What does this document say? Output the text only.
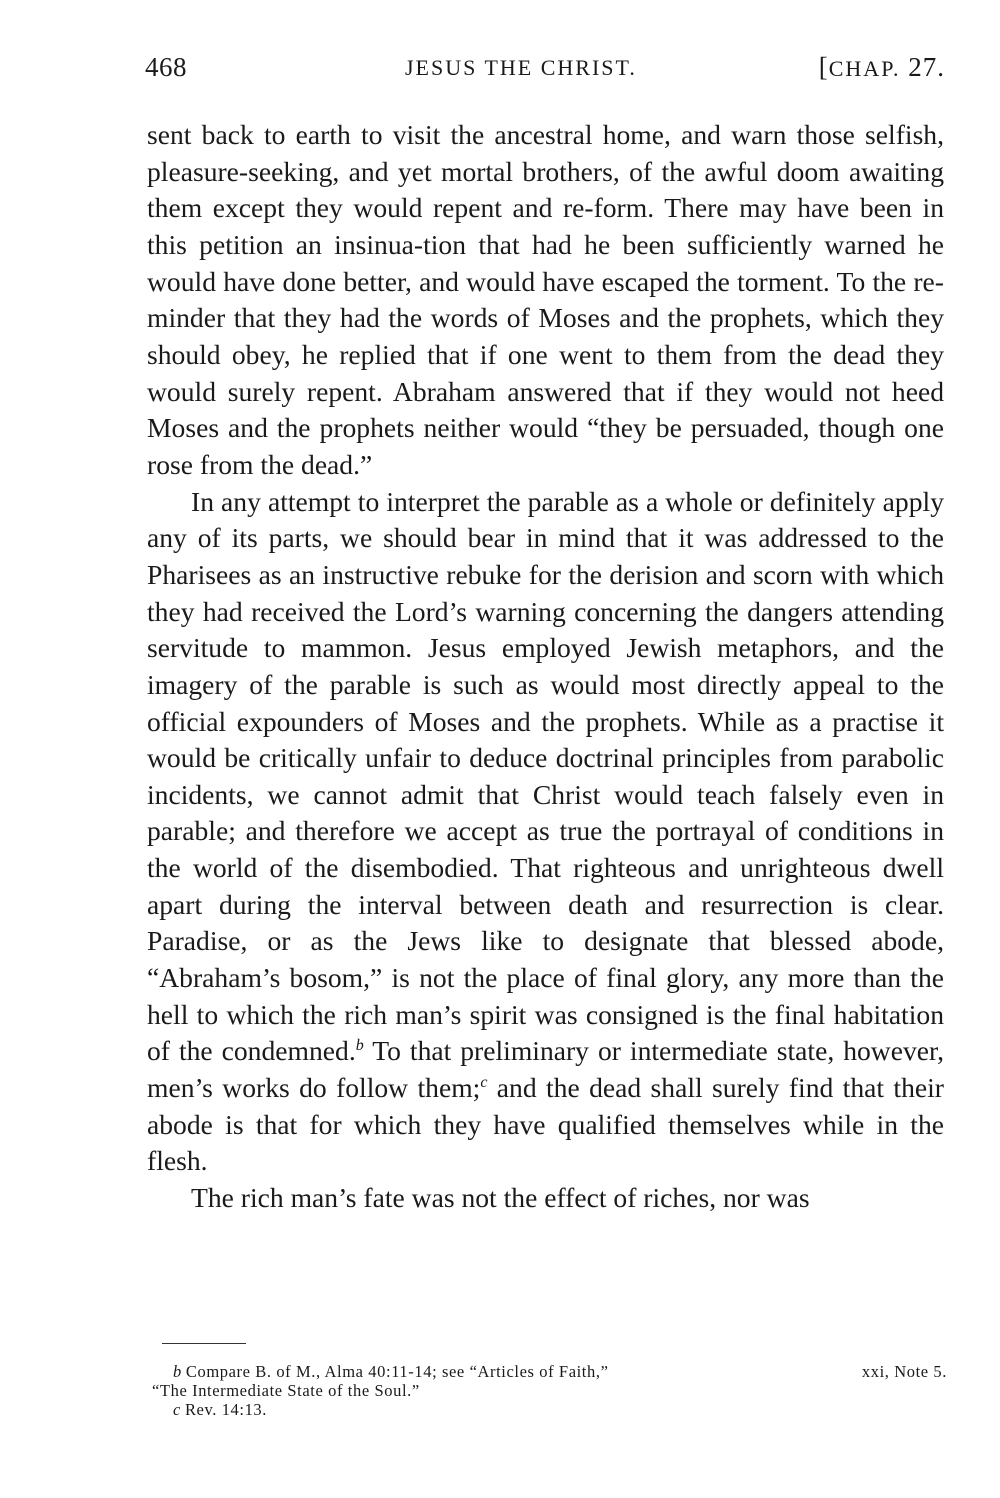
468	JESUS THE CHRIST.	[CHAP. 27.

sent back to earth to visit the ancestral home, and warn those selfish, pleasure-seeking, and yet mortal brothers, of the awful doom awaiting them except they would repent and re-form. There may have been in this petition an insinua-tion that had he been sufficiently warned he would have done better, and would have escaped the torment. To the re-minder that they had the words of Moses and the prophets, which they should obey, he replied that if one went to them from the dead they would surely repent. Abraham answered that if they would not heed Moses and the prophets neither would “they be persuaded, though one rose from the dead.”

In any attempt to interpret the parable as a whole or definitely apply any of its parts, we should bear in mind that it was addressed to the Pharisees as an instructive rebuke for the derision and scorn with which they had received the Lord’s warning concerning the dangers attending servitude to mammon. Jesus employed Jewish metaphors, and the imagery of the parable is such as would most directly appeal to the official expounders of Moses and the prophets. While as a practise it would be critically unfair to deduce doctrinal principles from parabolic incidents, we cannot admit that Christ would teach falsely even in parable; and therefore we accept as true the portrayal of conditions in the world of the disembodied. That righteous and unrighteous dwell apart during the interval between death and resurrection is clear. Paradise, or as the Jews like to designate that blessed abode, “Abraham’s bosom,” is not the place of final glory, any more than the hell to which the rich man’s spirit was consigned is the final habitation of the condemned.$^b$ To that preliminary or intermediate state, however, men’s works do follow them;$^c$ and the dead shall surely find that their abode is that for which they have qualified themselves while in the flesh.

The rich man’s fate was not the effect of riches, nor was

b Compare B. of M., Alma 40:11-14; see “Articles of Faith,”	xxi, Note 5.
“The Intermediate State of the Soul.”
c Rev. 14:13.
